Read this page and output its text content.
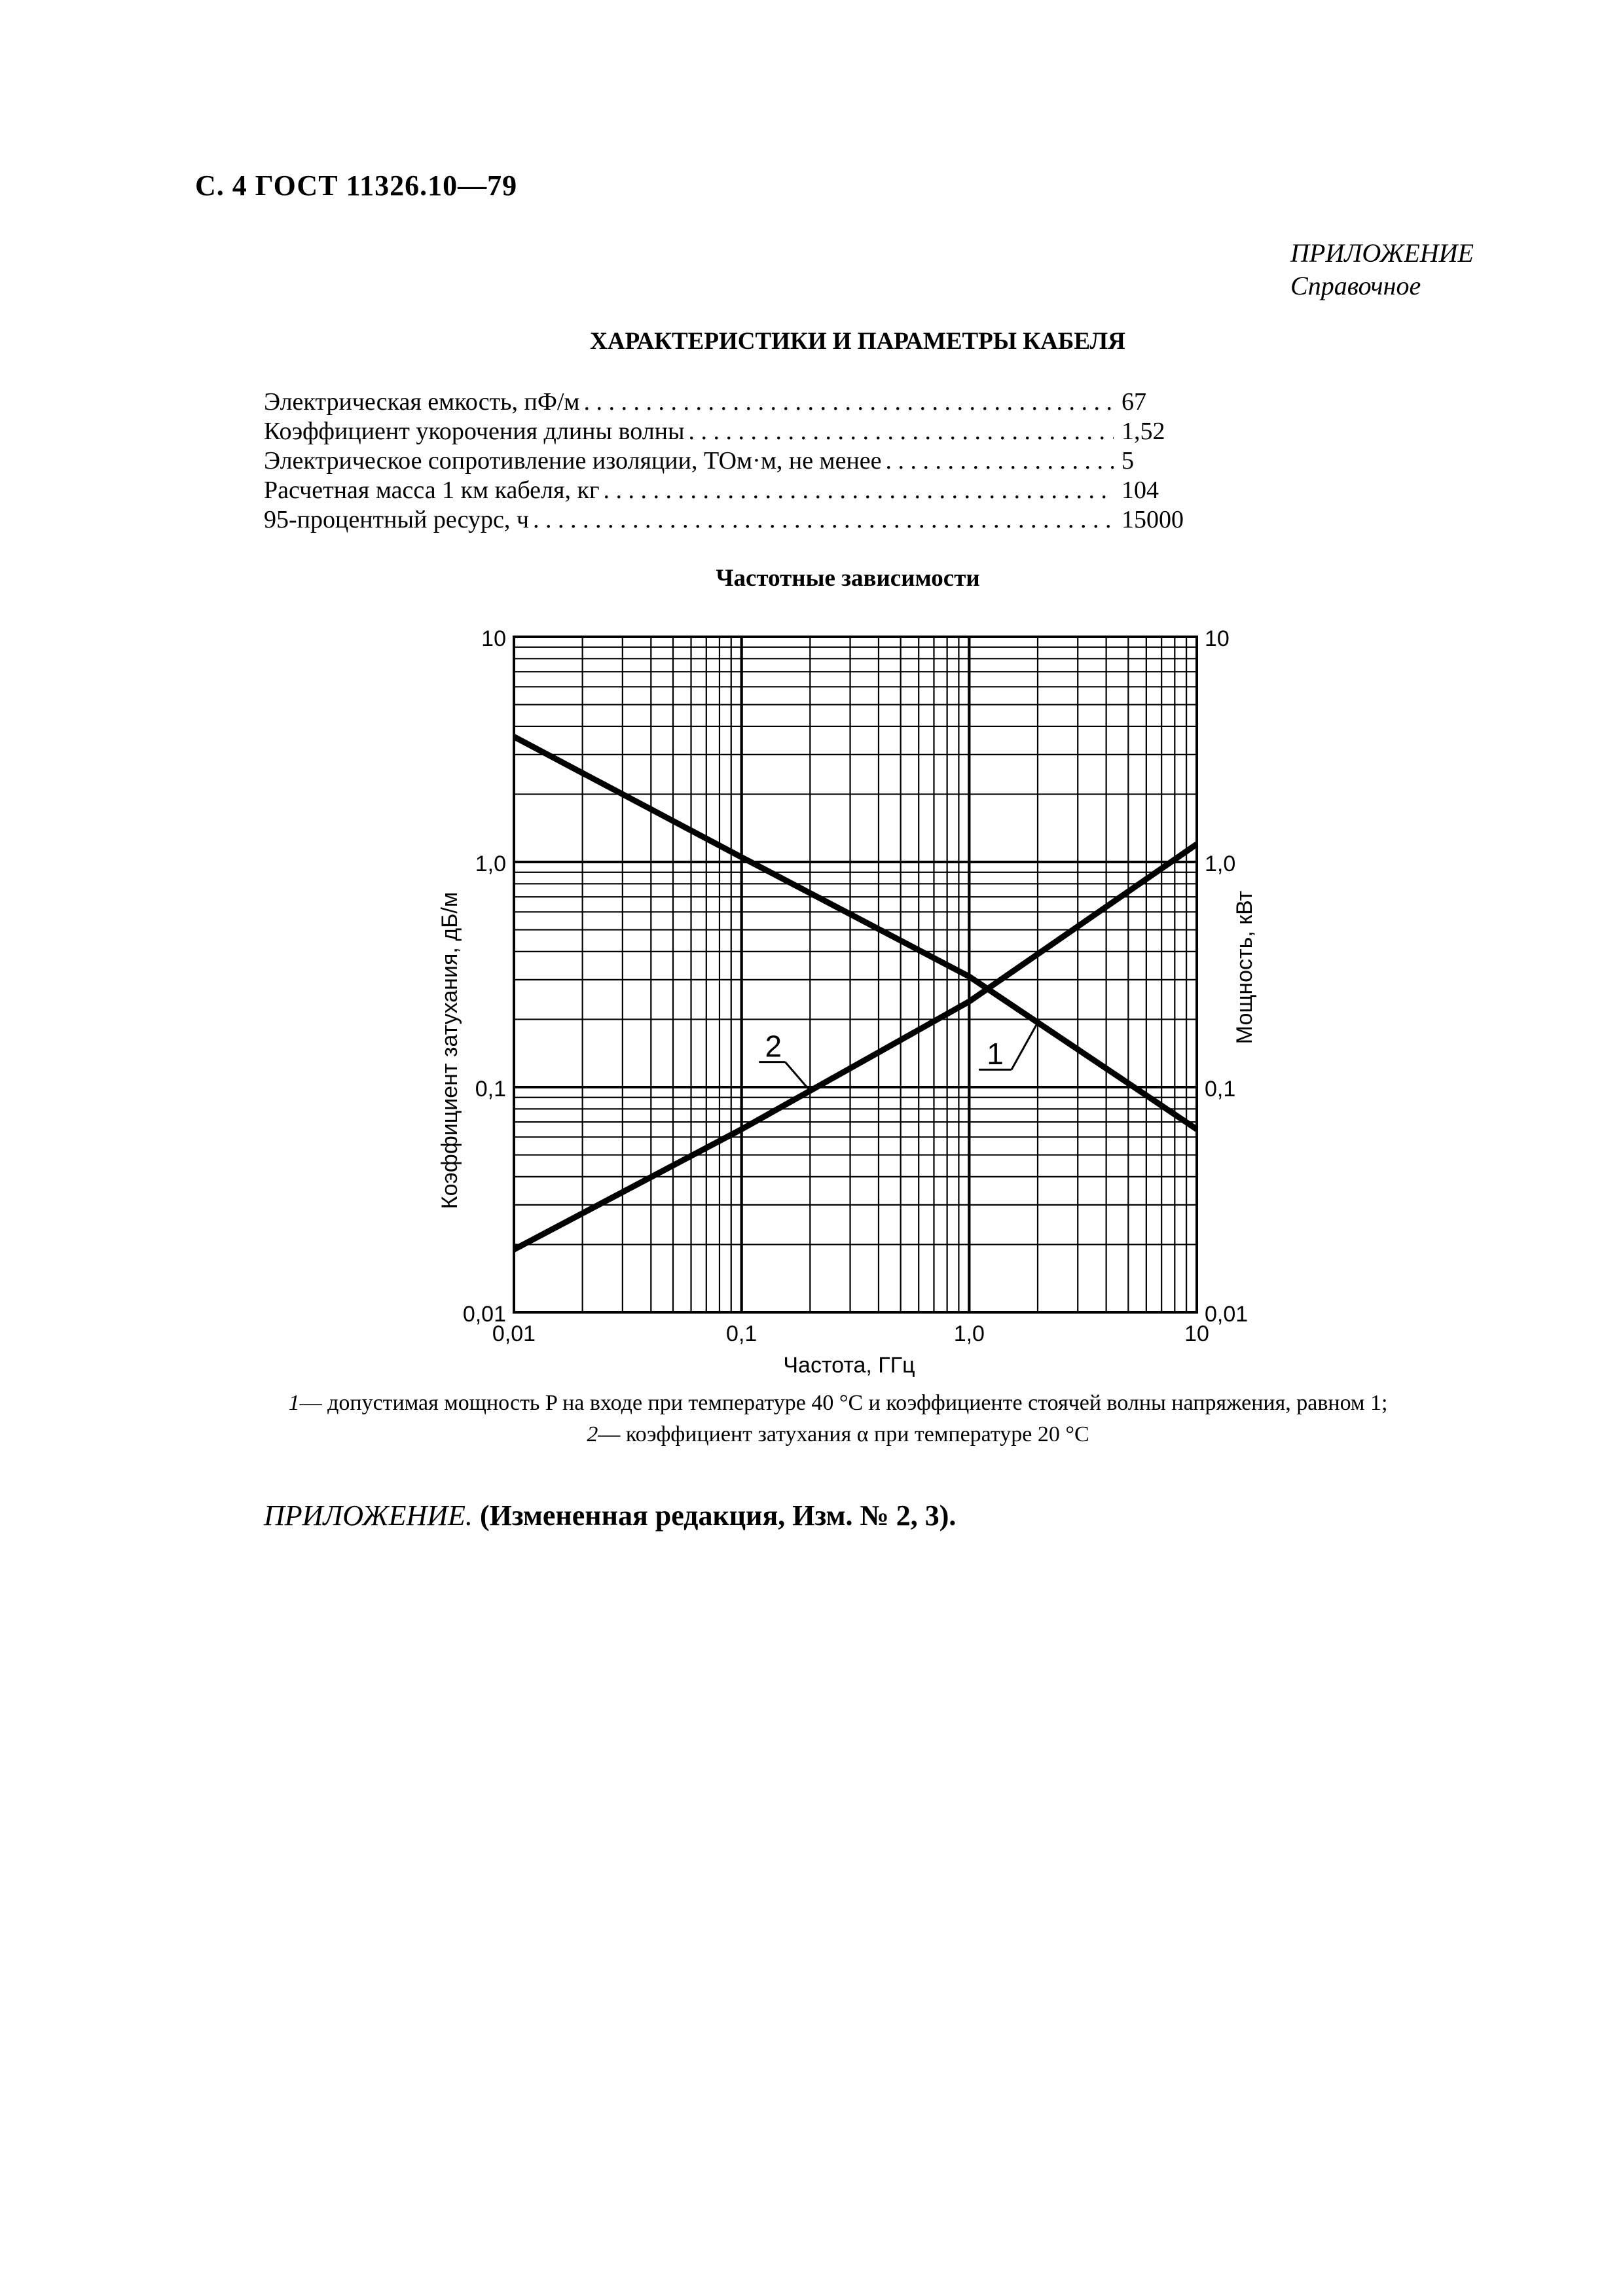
С. 4 ГОСТ 11326.10—79
ПРИЛОЖЕНИЕ
Справочное
ХАРАКТЕРИСТИКИ И ПАРАМЕТРЫ КАБЕЛЯ
Электрическая емкость, пФ/м . . .	67
Коэффициент укорочения длины волны . . .	1,52
Электрическое сопротивление изоляции, ТОм·м, не менее . . .	5
Расчетная масса 1 км кабеля, кг . . .	104
95-процентный ресурс, ч . . .	15000
Частотные зависимости
10	10
1,0	1,0
0,1	0,1
0,01	0,01
0,01	0,1	1,0	10
Частота, ГГц
Коэффициент затухания, дБ/м	Мощность, кВт
1
2
1— допустимая мощность P на входе при температуре 40 °С и коэффициенте стоячей волны напряжения, равном 1;
2— коэффициент затухания α при температуре 20 °С
ПРИЛОЖЕНИЕ. (Измененная редакция, Изм. № 2, 3).
